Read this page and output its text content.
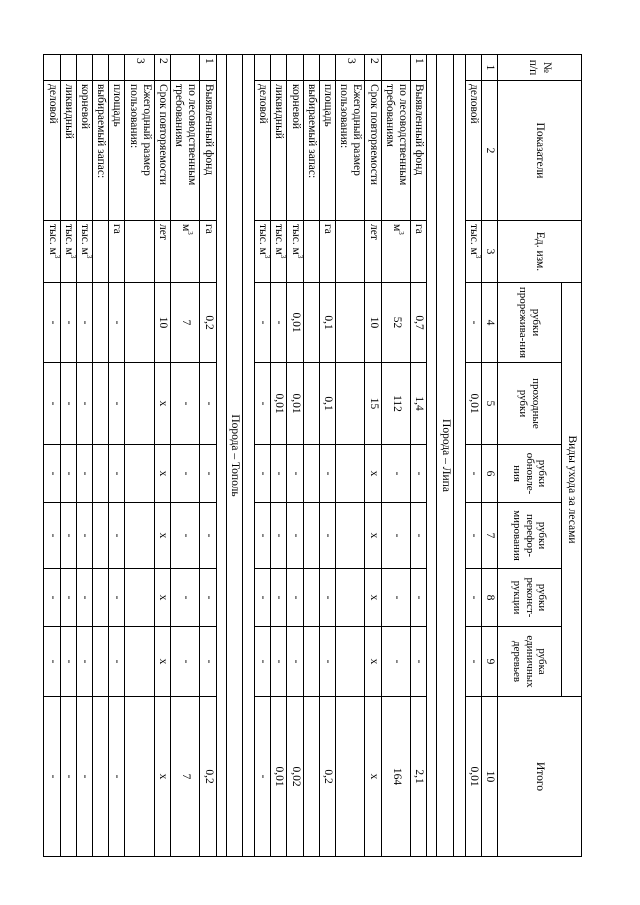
№ п/п	Показатели	Ед. изм.	Виды ухода за лесами						Итого
			рубки прорежива-ния	проходные рубки	рубки обновле-ния	рубки перефор-мирования	рубки реконст-рукции	рубка единичных деревьев	
1	2	3	4	5	6	7	8	9	10
	деловой	тыс. $м^3$	-	0,01	-	-	-	-	0,01

Порода – Липа									

1	Выявленный фонд	га	0,7	1,4	-	-	-	-	2,1
	по лесоводственным требованиям	$м^3$	52	112	-	-	-	-	164
2	Срок повторяемости	лет	10	15	х	х	х	х	х
3	Ежегодный размер пользования:								
	площадь	га	0,1	0,1	-	-	-	-	0,2
	выбираемый запас:								
	корневой	тыс. $м^3$	0,01	0,01	-	-	-	-	0,02
	ликвидный	тыс. $м^3$	-	0,01	-	-	-	-	0,01
	деловой	тыс. $м^3$	-	-	-	-	-	-	-

Порода – Тополь									

1	Выявленный фонд	га	0,2	-	-	-	-	-	0,2
	по лесоводственным требованиям	$м^3$	7	-	-	-	-	-	7
2	Срок повторяемости	лет	10	х	х	х	х	х	х
3	Ежегодный размер пользования:								
	площадь	га	-	-	-	-	-	-	-
	выбираемый запас:								
	корневой	тыс. $м^3$	-	-	-	-	-	-	-
	ликвидный	тыс. $м^3$	-	-	-	-	-	-	-
	деловой	тыс. $м^3$	-	-	-	-	-	-	-
